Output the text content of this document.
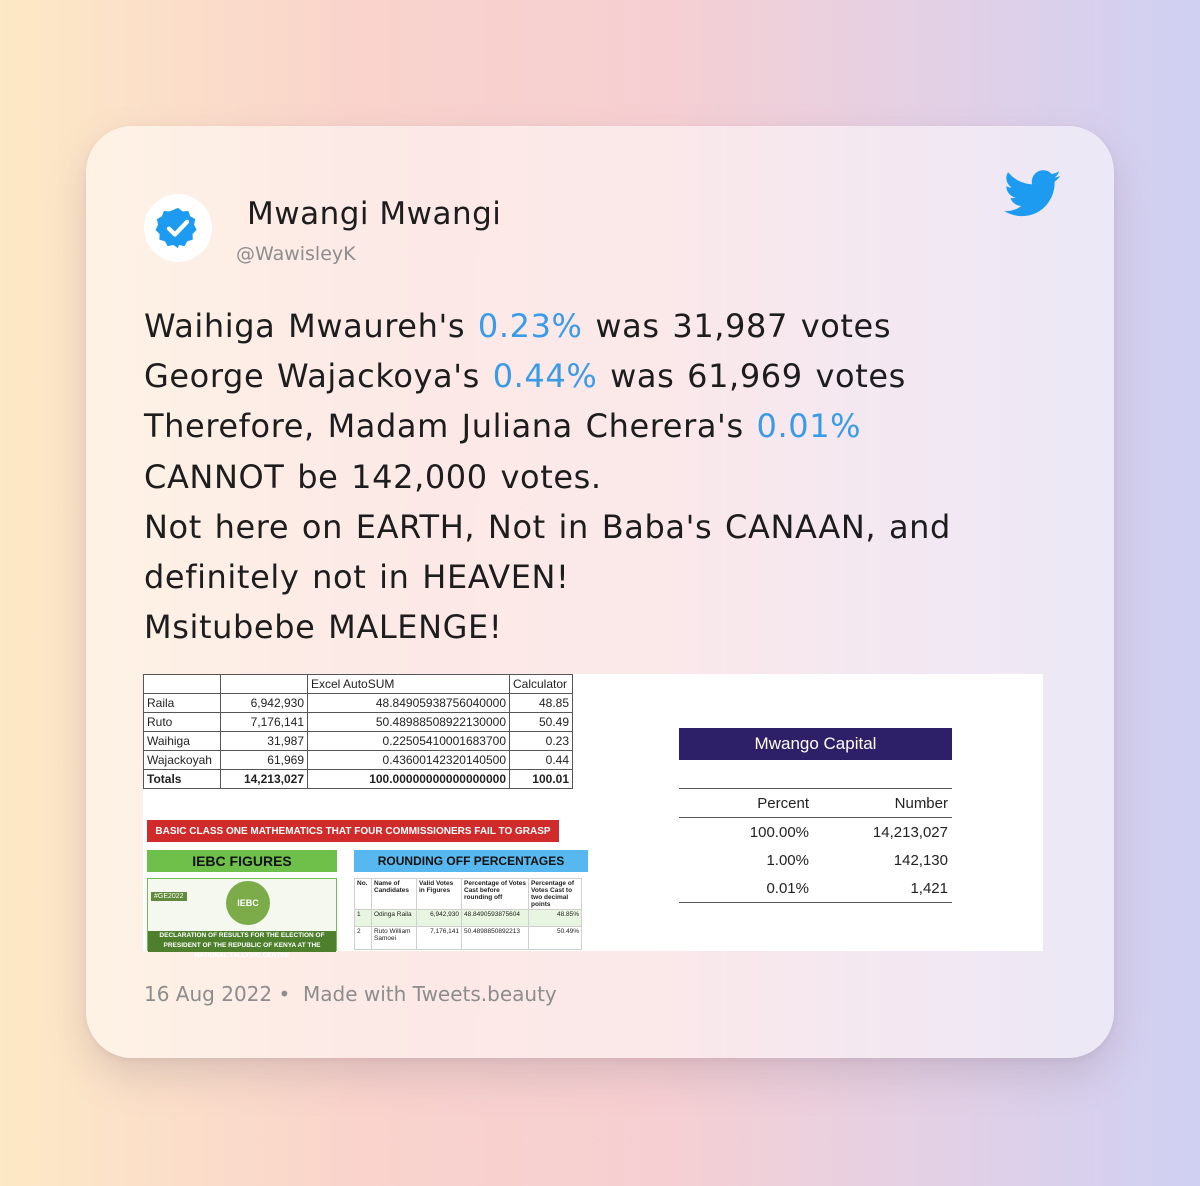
Mwangi Mwangi
@WawisleyK
Waihiga Mwaureh's 0.23% was 31,987 votes
George Wajackoya's 0.44% was 61,969 votes
Therefore, Madam Juliana Cherera's 0.01%
CANNOT be 142,000 votes.
Not here on EARTH, Not in Baba's CANAAN, and
definitely not in HEAVEN!
Msitubebe MALENGE!
		Excel AutoSUM	Calculator
Raila	6,942,930	48.84905938756040000	48.85
Ruto	7,176,141	50.48988508922130000	50.49
Waihiga	31,987	0.22505410001683700	0.23
Wajackoyah	61,969	0.43600142320140500	0.44
Totals	14,213,027	100.00000000000000000	100.01
BASIC CLASS ONE MATHEMATICS THAT FOUR COMMISSIONERS FAIL TO GRASP
IEBC FIGURES	ROUNDING OFF PERCENTAGES
#GE2022
IEBC
DECLARATION OF RESULTS FOR THE ELECTION OF PRESIDENT OF THE REPUBLIC OF KENYA AT THE NATIONAL TALLYING CENTRE
No.	Name of Candidates	Valid Votes in Figures	Percentage of Votes Cast before rounding off	Percentage of Votes Cast to two decimal points
1	Odinga Raila	6,942,930	48.8490593875604	48.85%
2	Ruto William Samoei	7,176,141	50.4898850892213	50.49%
Mwango Capital
Percent	Number
100.00%	14,213,027
1.00%	142,130
0.01%	1,421
16 Aug 2022 • Made with Tweets.beauty
